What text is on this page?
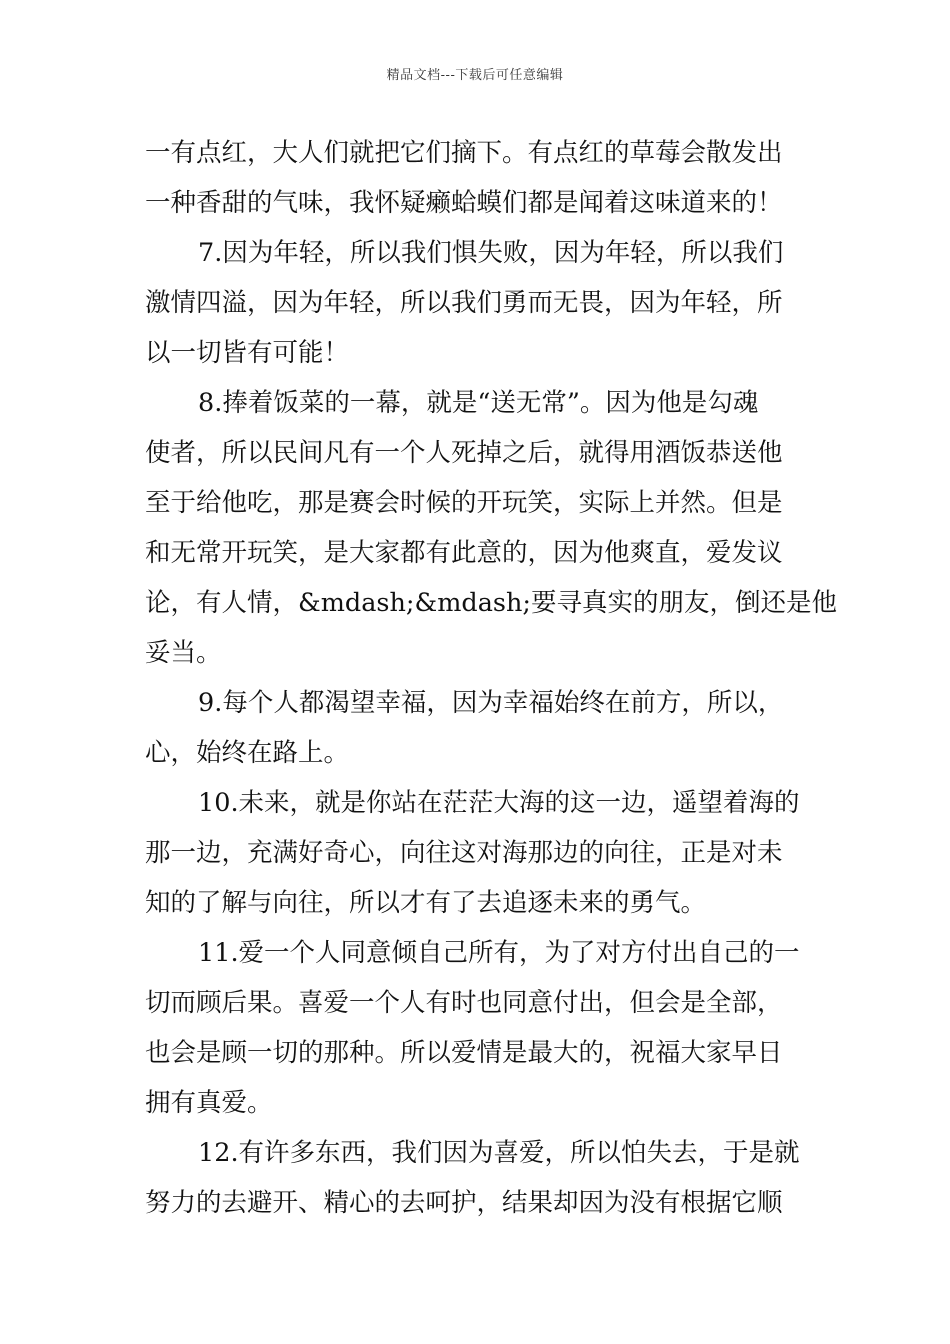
精品文档---下载后可任意编辑
一有点红，大人们就把它们摘下。有点红的草莓会散发出
一种香甜的气味，我怀疑癞蛤蟆们都是闻着这味道来的！
7.因为年轻，所以我们惧失败，因为年轻，所以我们
激情四溢，因为年轻，所以我们勇而无畏，因为年轻，所
以一切皆有可能！
8.捧着饭菜的一幕，就是“送无常”。因为他是勾魂
使者，所以民间凡有一个人死掉之后，就得用酒饭恭送他
至于给他吃，那是赛会时候的开玩笑，实际上并然。但是
和无常开玩笑，是大家都有此意的，因为他爽直，爱发议
论，有人情，&mdash;&mdash;要寻真实的朋友，倒还是他
妥当。
9.每个人都渴望幸福，因为幸福始终在前方，所以，
心，始终在路上。
10.未来，就是你站在茫茫大海的这一边，遥望着海的
那一边，充满好奇心，向往这对海那边的向往，正是对未
知的了解与向往，所以才有了去追逐未来的勇气。
11.爱一个人同意倾自己所有，为了对方付出自己的一
切而顾后果。喜爱一个人有时也同意付出，但会是全部，
也会是顾一切的那种。所以爱情是最大的，祝福大家早日
拥有真爱。
12.有许多东西，我们因为喜爱，所以怕失去，于是就
努力的去避开、精心的去呵护，结果却因为没有根据它顺
